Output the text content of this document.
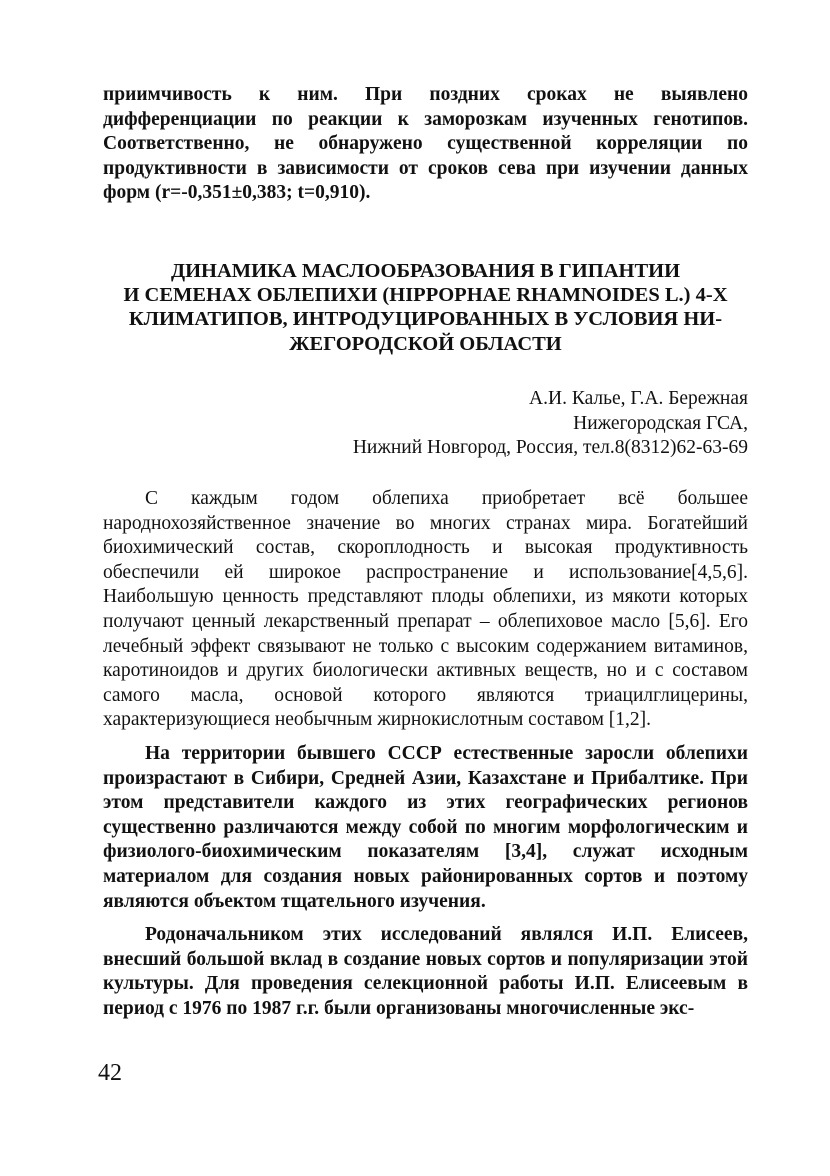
приимчивость к ним. При поздних сроках не выявлено дифференциации по реакции к заморозкам изученных генотипов. Соответственно, не обнаружено существенной корреляции по продуктивности в зависимости от сроков сева при изучении данных форм (r=-0,351±0,383; t=0,910).
ДИНАМИКА МАСЛООБРАЗОВАНИЯ В ГИПАНТИИ
И СЕМЕНАХ ОБЛЕПИХИ (HIPPOPHAE RHAMNOIDES L.) 4-Х
КЛИМАТИПОВ, ИНТРОДУЦИРОВАННЫХ В УСЛОВИЯ НИ-
ЖЕГОРОДСКОЙ ОБЛАСТИ
А.И. Калье, Г.А. Бережная
Нижегородская ГСА,
Нижний Новгород, Россия, тел.8(8312)62-63-69

С каждым годом облепиха приобретает всё большее народнохозяйственное значение во многих странах мира. Богатейший биохимический состав, скороплодность и высокая продуктивность обеспечили ей широкое распространение и использование[4,5,6]. Наибольшую ценность представляют плоды облепихи, из мякоти которых получают ценный лекарственный препарат – облепиховое масло [5,6]. Его лечебный эффект связывают не только с высоким содержанием витаминов, каротиноидов и других биологически активных веществ, но и с составом самого масла, основой которого являются триацилглицерины, характеризующиеся необычным жирнокислотным составом [1,2].

На территории бывшего СССР естественные заросли облепихи произрастают в Сибири, Средней Азии, Казахстане и Прибалтике. При этом представители каждого из этих географических регионов существенно различаются между собой по многим морфологическим и физиолого-биохимическим показателям [3,4], служат исходным материалом для создания новых районированных сортов и поэтому являются объектом тщательного изучения.

Родоначальником этих исследований являлся И.П. Елисеев, внесший большой вклад в создание новых сортов и популяризации этой культуры. Для проведения селекционной работы И.П. Елисеевым в период с 1976 по 1987 г.г. были организованы многочисленные экс-

42
